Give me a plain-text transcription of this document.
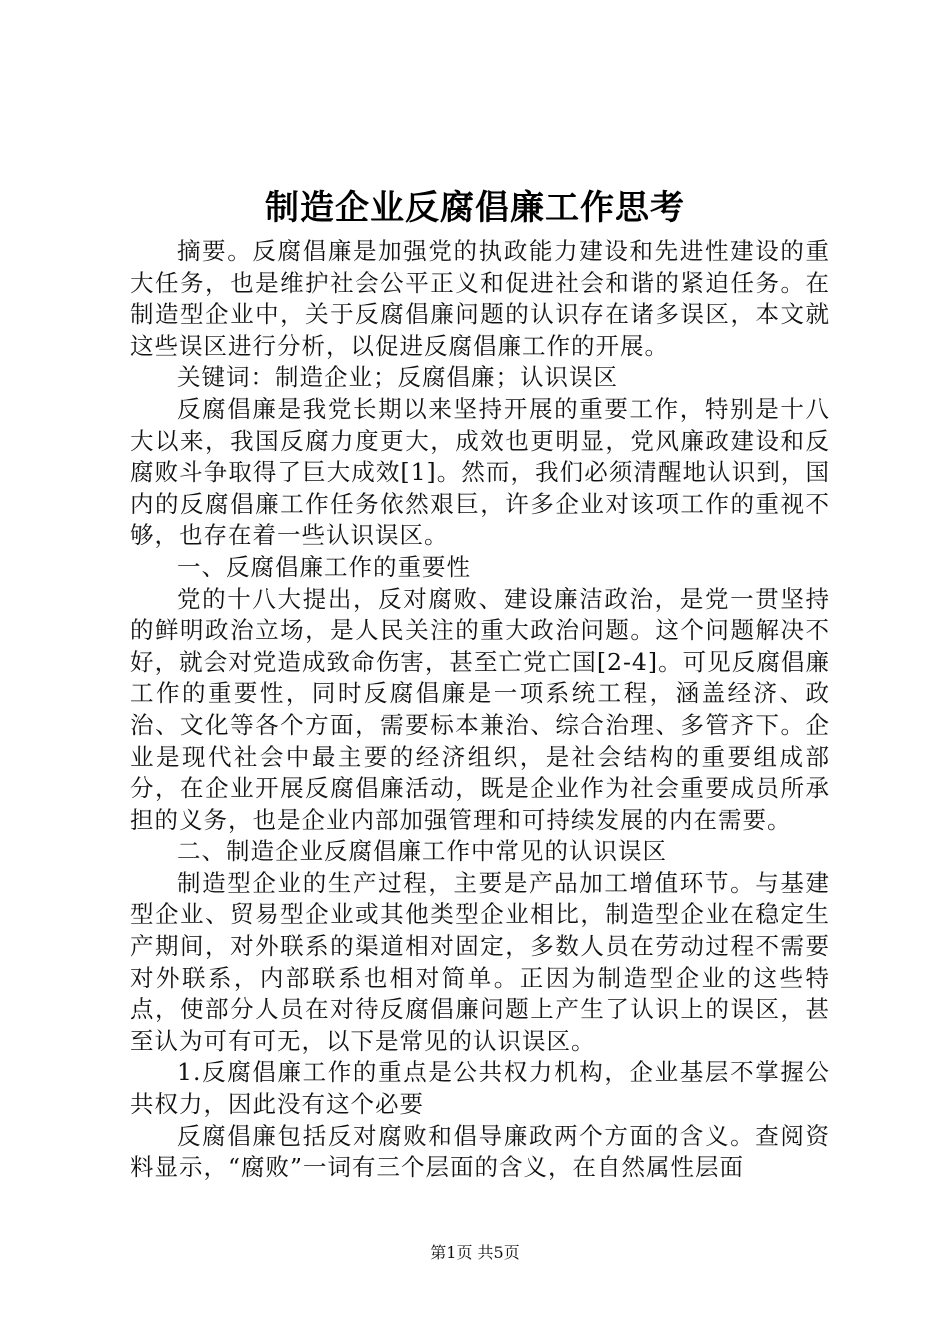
制造企业反腐倡廉工作思考

摘要。反腐倡廉是加强党的执政能力建设和先进性建设的重大任务，也是维护社会公平正义和促进社会和谐的紧迫任务。在制造型企业中，关于反腐倡廉问题的认识存在诸多误区，本文就这些误区进行分析，以促进反腐倡廉工作的开展。

关键词：制造企业；反腐倡廉；认识误区

反腐倡廉是我党长期以来坚持开展的重要工作，特别是十八大以来，我国反腐力度更大，成效也更明显，党风廉政建设和反腐败斗争取得了巨大成效[1]。然而，我们必须清醒地认识到，国内的反腐倡廉工作任务依然艰巨，许多企业对该项工作的重视不够，也存在着一些认识误区。

一、反腐倡廉工作的重要性

党的十八大提出，反对腐败、建设廉洁政治，是党一贯坚持的鲜明政治立场，是人民关注的重大政治问题。这个问题解决不好，就会对党造成致命伤害，甚至亡党亡国[2-4]。可见反腐倡廉工作的重要性，同时反腐倡廉是一项系统工程，涵盖经济、政治、文化等各个方面，需要标本兼治、综合治理、多管齐下。企业是现代社会中最主要的经济组织，是社会结构的重要组成部分，在企业开展反腐倡廉活动，既是企业作为社会重要成员所承担的义务，也是企业内部加强管理和可持续发展的内在需要。

二、制造企业反腐倡廉工作中常见的认识误区

制造型企业的生产过程，主要是产品加工增值环节。与基建型企业、贸易型企业或其他类型企业相比，制造型企业在稳定生产期间，对外联系的渠道相对固定，多数人员在劳动过程不需要对外联系，内部联系也相对简单。正因为制造型企业的这些特点，使部分人员在对待反腐倡廉问题上产生了认识上的误区，甚至认为可有可无，以下是常见的认识误区。

1.反腐倡廉工作的重点是公共权力机构，企业基层不掌握公共权力，因此没有这个必要

反腐倡廉包括反对腐败和倡导廉政两个方面的含义。查阅资料显示，“腐败”一词有三个层面的含义，在自然属性层面

第1页 共5页
